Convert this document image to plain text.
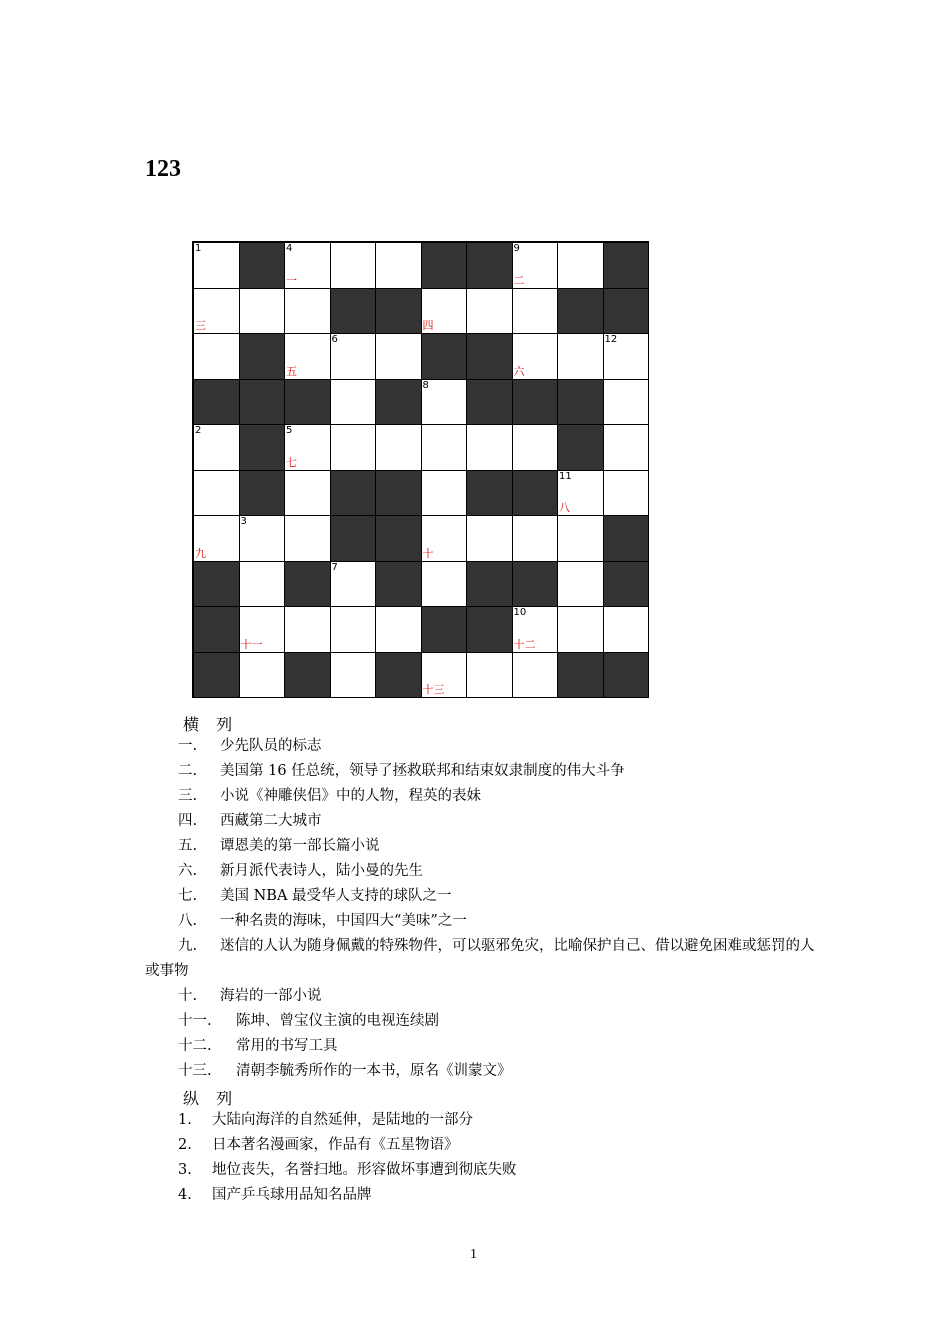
123
1	4
一
9
二
三	四
五
6
六
12
8
2	5
七
11
八
九
3
十
7
十一
10
十二
十三
横 列
一. 少先队员的标志
二. 美国第 16 任总统，领导了拯救联邦和结束奴隶制度的伟大斗争
三. 小说《神雕侠侣》中的人物，程英的表妹
四. 西藏第二大城市
五. 谭恩美的第一部长篇小说
六. 新月派代表诗人，陆小曼的先生
七. 美国 NBA 最受华人支持的球队之一
八. 一种名贵的海味，中国四大“美味”之一
九. 迷信的人认为随身佩戴的特殊物件，可以驱邪免灾，比喻保护自己、借以避免困难或惩罚的人或事物
十. 海岩的一部小说
十一. 陈坤、曾宝仪主演的电视连续剧
十二. 常用的书写工具
十三. 清朝李毓秀所作的一本书，原名《训蒙文》
纵 列
1. 大陆向海洋的自然延伸，是陆地的一部分
2. 日本著名漫画家，作品有《五星物语》
3. 地位丧失，名誉扫地。形容做坏事遭到彻底失败
4. 国产乒乓球用品知名品牌
1
